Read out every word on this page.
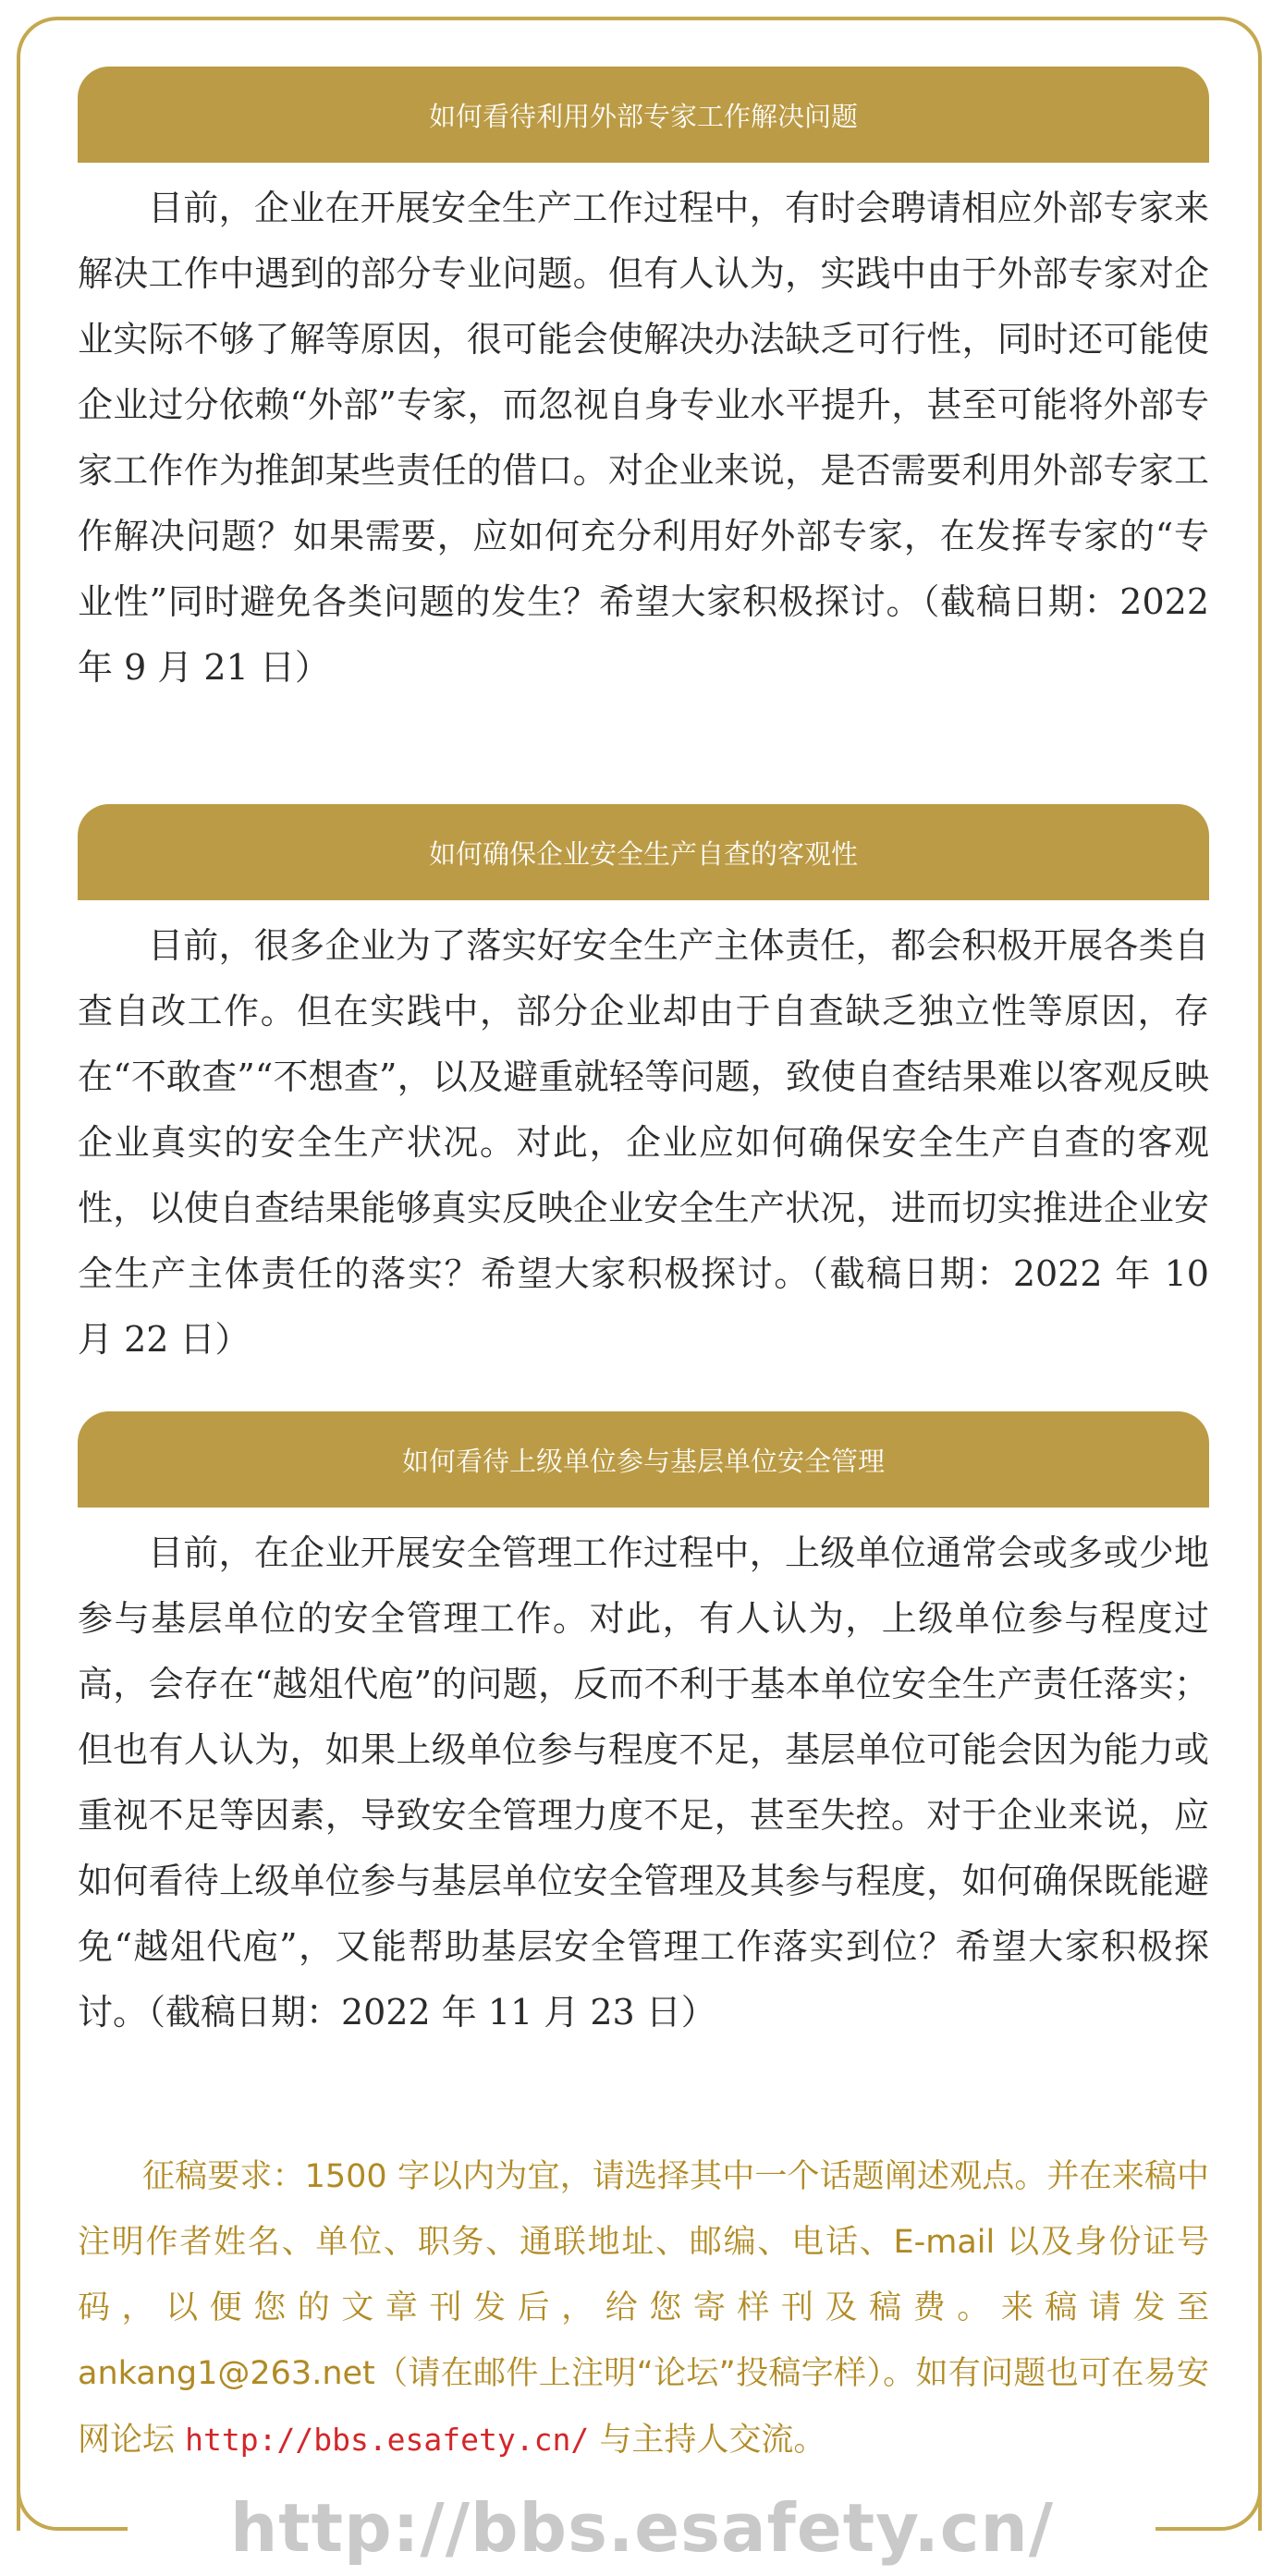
如何看待利用外部专家工作解决问题

目前，企业在开展安全生产工作过程中，有时会聘请相应外部专家来解决工作中遇到的部分专业问题。但有人认为，实践中由于外部专家对企业实际不够了解等原因，很可能会使解决办法缺乏可行性，同时还可能使企业过分依赖“外部”专家，而忽视自身专业水平提升，甚至可能将外部专家工作作为推卸某些责任的借口。对企业来说，是否需要利用外部专家工作解决问题？如果需要，应如何充分利用好外部专家，在发挥专家的“专业性”同时避免各类问题的发生？希望大家积极探讨。（截稿日期：2022 年 9 月 21 日）

如何确保企业安全生产自查的客观性

目前，很多企业为了落实好安全生产主体责任，都会积极开展各类自查自改工作。但在实践中，部分企业却由于自查缺乏独立性等原因，存在“不敢查”“不想查”，以及避重就轻等问题，致使自查结果难以客观反映企业真实的安全生产状况。对此，企业应如何确保安全生产自查的客观性，以使自查结果能够真实反映企业安全生产状况，进而切实推进企业安全生产主体责任的落实？希望大家积极探讨。（截稿日期：2022 年 10 月 22 日）

如何看待上级单位参与基层单位安全管理

目前，在企业开展安全管理工作过程中，上级单位通常会或多或少地参与基层单位的安全管理工作。对此，有人认为，上级单位参与程度过高，会存在“越俎代庖”的问题，反而不利于基本单位安全生产责任落实；但也有人认为，如果上级单位参与程度不足，基层单位可能会因为能力或重视不足等因素，导致安全管理力度不足，甚至失控。对于企业来说，应如何看待上级单位参与基层单位安全管理及其参与程度，如何确保既能避免“越俎代庖”，又能帮助基层安全管理工作落实到位？希望大家积极探讨。（截稿日期：2022 年 11 月 23 日）

征稿要求：1500 字以内为宜，请选择其中一个话题阐述观点。并在来稿中注明作者姓名、单位、职务、通联地址、邮编、电话、E-mail 以及身份证号码，以便您的文章刊发后，给您寄样刊及稿费。来稿请发至 ankang1@263.net（请在邮件上注明“论坛”投稿字样）。如有问题也可在易安网论坛 http://bbs.esafety.cn/ 与主持人交流。

http://bbs.esafety.cn/
